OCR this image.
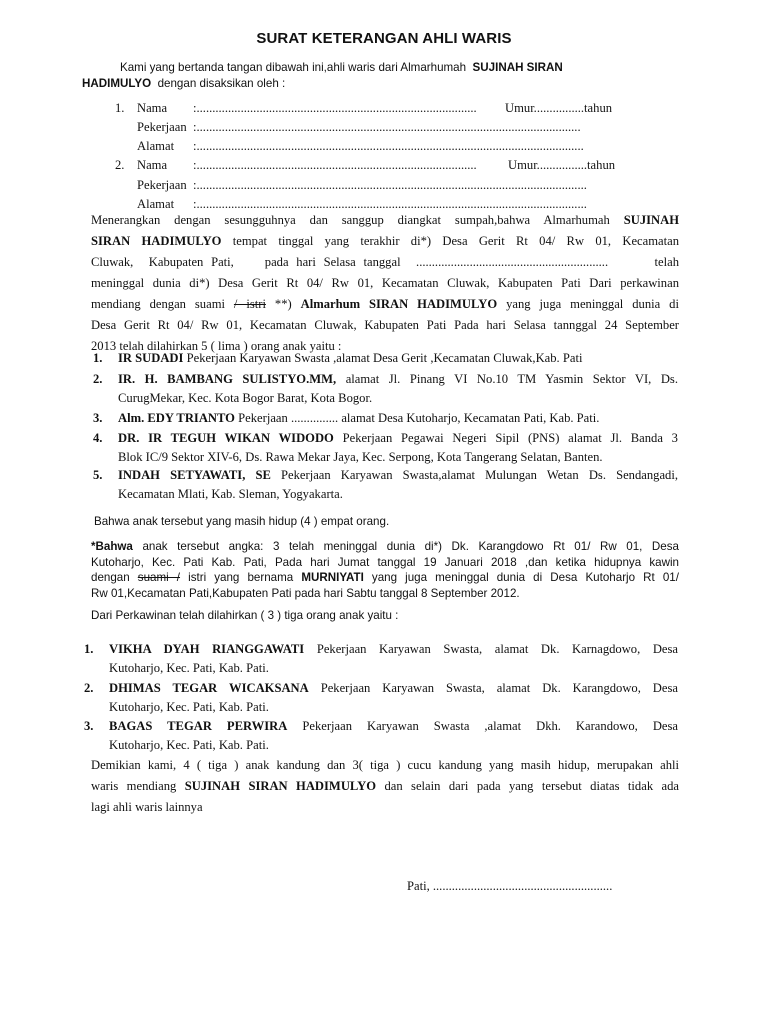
SURAT KETERANGAN AHLI WARIS
Kami yang bertanda tangan dibawah ini,ahli waris dari Almarhumah SUJINAH SIRAN
HADIMULYO dengan disaksikan oleh :
1. Nama :......................................................................................... Umur................tahun
Pekerjaan :..........................................................................................................................
Alamat :...........................................................................................................................
2. Nama :......................................................................................... Umur................tahun
Pekerjaan :............................................................................................................................
Alamat :............................................................................................................................
Menerangkan dengan sesungguhnya dan sanggup diangkat sumpah,bahwa Almarhumah SUJINAH
SIRAN HADIMULYO tempat tinggal yang terakhir di*) Desa Gerit Rt 04/ Rw 01, Kecamatan
Cluwak,  Kabupaten Pati,    pada hari Selasa tanggal  .............................................................      telah
meninggal dunia di*) Desa Gerit Rt 04/ Rw 01, Kecamatan Cluwak, Kabupaten Pati Dari perkawinan
mendiang dengan suami / istri **) Almarhum SIRAN HADIMULYO yang juga meninggal dunia di
Desa Gerit Rt 04/ Rw 01, Kecamatan Cluwak, Kabupaten Pati Pada hari Selasa tannggal 24 September
2013 telah dilahirkan 5 ( lima ) orang anak yaitu :
1. IR SUDADI Pekerjaan Karyawan Swasta ,alamat Desa Gerit ,Kecamatan Cluwak,Kab. Pati
2. IR. H. BAMBANG SULISTYO.MM, alamat Jl. Pinang VI No.10 TM Yasmin Sektor VI, Ds.
CurugMekar, Kec. Kota Bogor Barat, Kota Bogor.
3. Alm. EDY TRIANTO Pekerjaan ............... alamat Desa Kutoharjo, Kecamatan Pati, Kab. Pati.
4. DR. IR TEGUH WIKAN WIDODO Pekerjaan Pegawai Negeri Sipil (PNS) alamat Jl. Banda 3
Blok IC/9 Sektor XIV-6, Ds. Rawa Mekar Jaya, Kec. Serpong, Kota Tangerang Selatan, Banten.
5. INDAH SETYAWATI, SE Pekerjaan Karyawan Swasta,alamat Mulungan Wetan Ds. Sendangadi,
Kecamatan Mlati, Kab. Sleman, Yogyakarta.
Bahwa anak tersebut yang masih hidup (4 ) empat orang.
*Bahwa anak tersebut angka: 3 telah meninggal dunia di*) Dk. Karangdowo Rt 01/ Rw 01, Desa
Kutoharjo, Kec. Pati Kab. Pati, Pada hari Jumat tanggal 19 Januari 2018 ,dan ketika hidupnya kawin
dengan suami / istri yang bernama MURNIYATI yang juga meninggal dunia di Desa Kutoharjo Rt 01/
Rw 01,Kecamatan Pati,Kabupaten Pati pada hari Sabtu tanggal 8 September 2012.
Dari Perkawinan telah dilahirkan ( 3 ) tiga orang anak yaitu :
1. VIKHA DYAH RIANGGAWATI Pekerjaan Karyawan Swasta, alamat Dk. Karnagdowo, Desa
Kutoharjo, Kec. Pati, Kab. Pati.
2. DHIMAS TEGAR WICAKSANA Pekerjaan Karyawan Swasta, alamat Dk. Karangdowo, Desa
Kutoharjo, Kec. Pati, Kab. Pati.
3. BAGAS TEGAR PERWIRA Pekerjaan Karyawan Swasta ,alamat Dkh. Karandowo, Desa
Kutoharjo, Kec. Pati, Kab. Pati.
Demikian kami, 4 ( tiga ) anak kandung dan 3( tiga ) cucu kandung yang masih hidup, merupakan ahli
waris mendiang SUJINAH SIRAN HADIMULYO dan selain dari pada yang tersebut diatas tidak ada
lagi ahli waris lainnya
Pati, .........................................................
